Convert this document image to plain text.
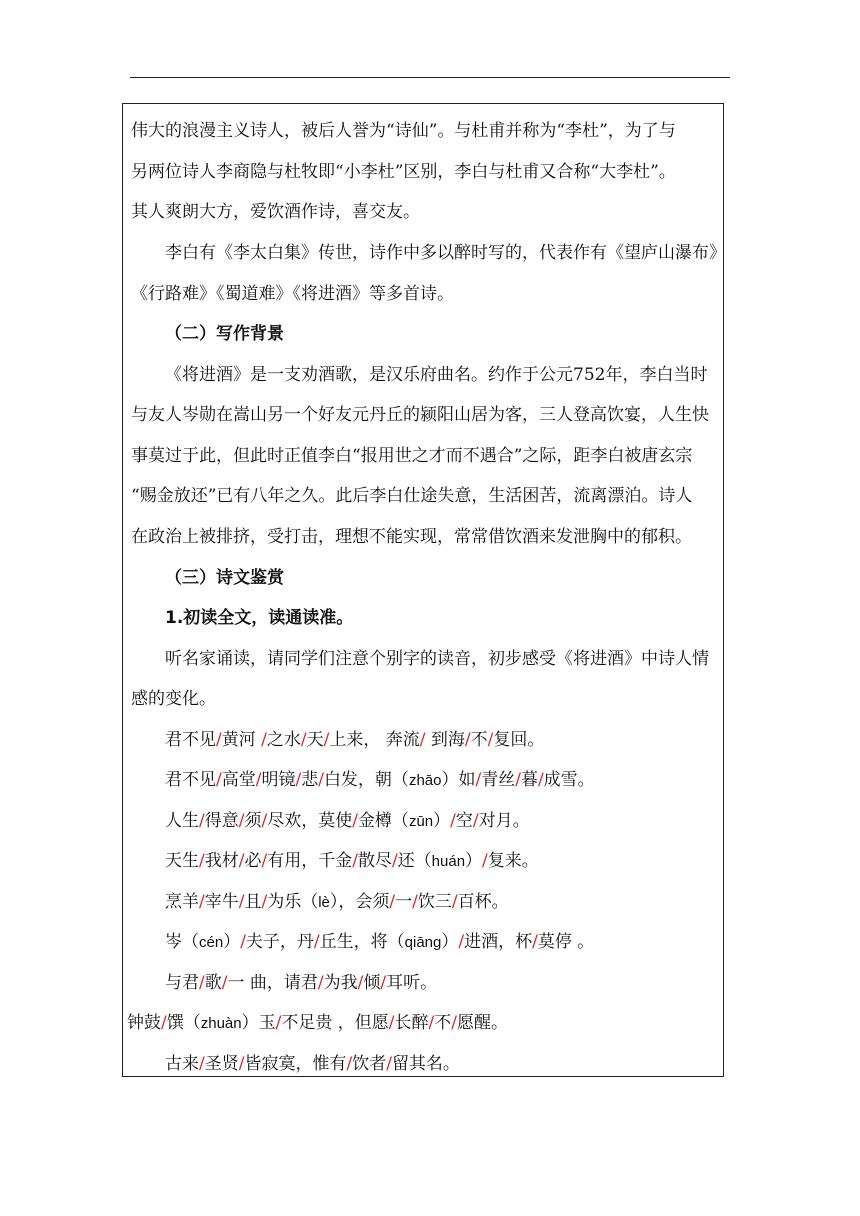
伟大的浪漫主义诗人，被后人誉为“诗仙”。与杜甫并称为“李杜”，为了与
另两位诗人李商隐与杜牧即“小李杜”区别，李白与杜甫又合称“大李杜”。
其人爽朗大方，爱饮酒作诗，喜交友。
李白有《李太白集》传世，诗作中多以醉时写的，代表作有《望庐山瀑布》
《行路难》《蜀道难》《将进酒》等多首诗。
（二）写作背景
《将进酒》是一支劝酒歌，是汉乐府曲名。约作于公元752年，李白当时
与友人岑勋在嵩山另一个好友元丹丘的颍阳山居为客，三人登高饮宴，人生快
事莫过于此，但此时正值李白“报用世之才而不遇合”之际，距李白被唐玄宗
“赐金放还”已有八年之久。此后李白仕途失意，生活困苦，流离漂泊。诗人
在政治上被排挤，受打击，理想不能实现，常常借饮酒来发泄胸中的郁积。
（三）诗文鉴赏
1.初读全文，读通读准。
听名家诵读，请同学们注意个别字的读音，初步感受《将进酒》中诗人情
感的变化。
君不见/黄河 /之水/天/上来， 奔流/ 到海/不/复回。
君不见/高堂/明镜/悲/白发，朝（zhāo）如/青丝/暮/成雪。
人生/得意/须/尽欢，莫使/金樽（zūn）/空/对月。
天生/我材/必/有用，千金/散尽/还（huán）/复来。
烹羊/宰牛/且/为乐（lè），会须/一/饮三/百杯。
岑（cén）/夫子，丹/丘生，将（qiāng）/进酒，杯/莫停 。
与君/歌/一 曲，请君/为我/倾/耳听。
钟鼓/馔（zhuàn）玉/不足贵 ，但愿/长醉/不/愿醒。
古来/圣贤/皆寂寞，惟有/饮者/留其名。
